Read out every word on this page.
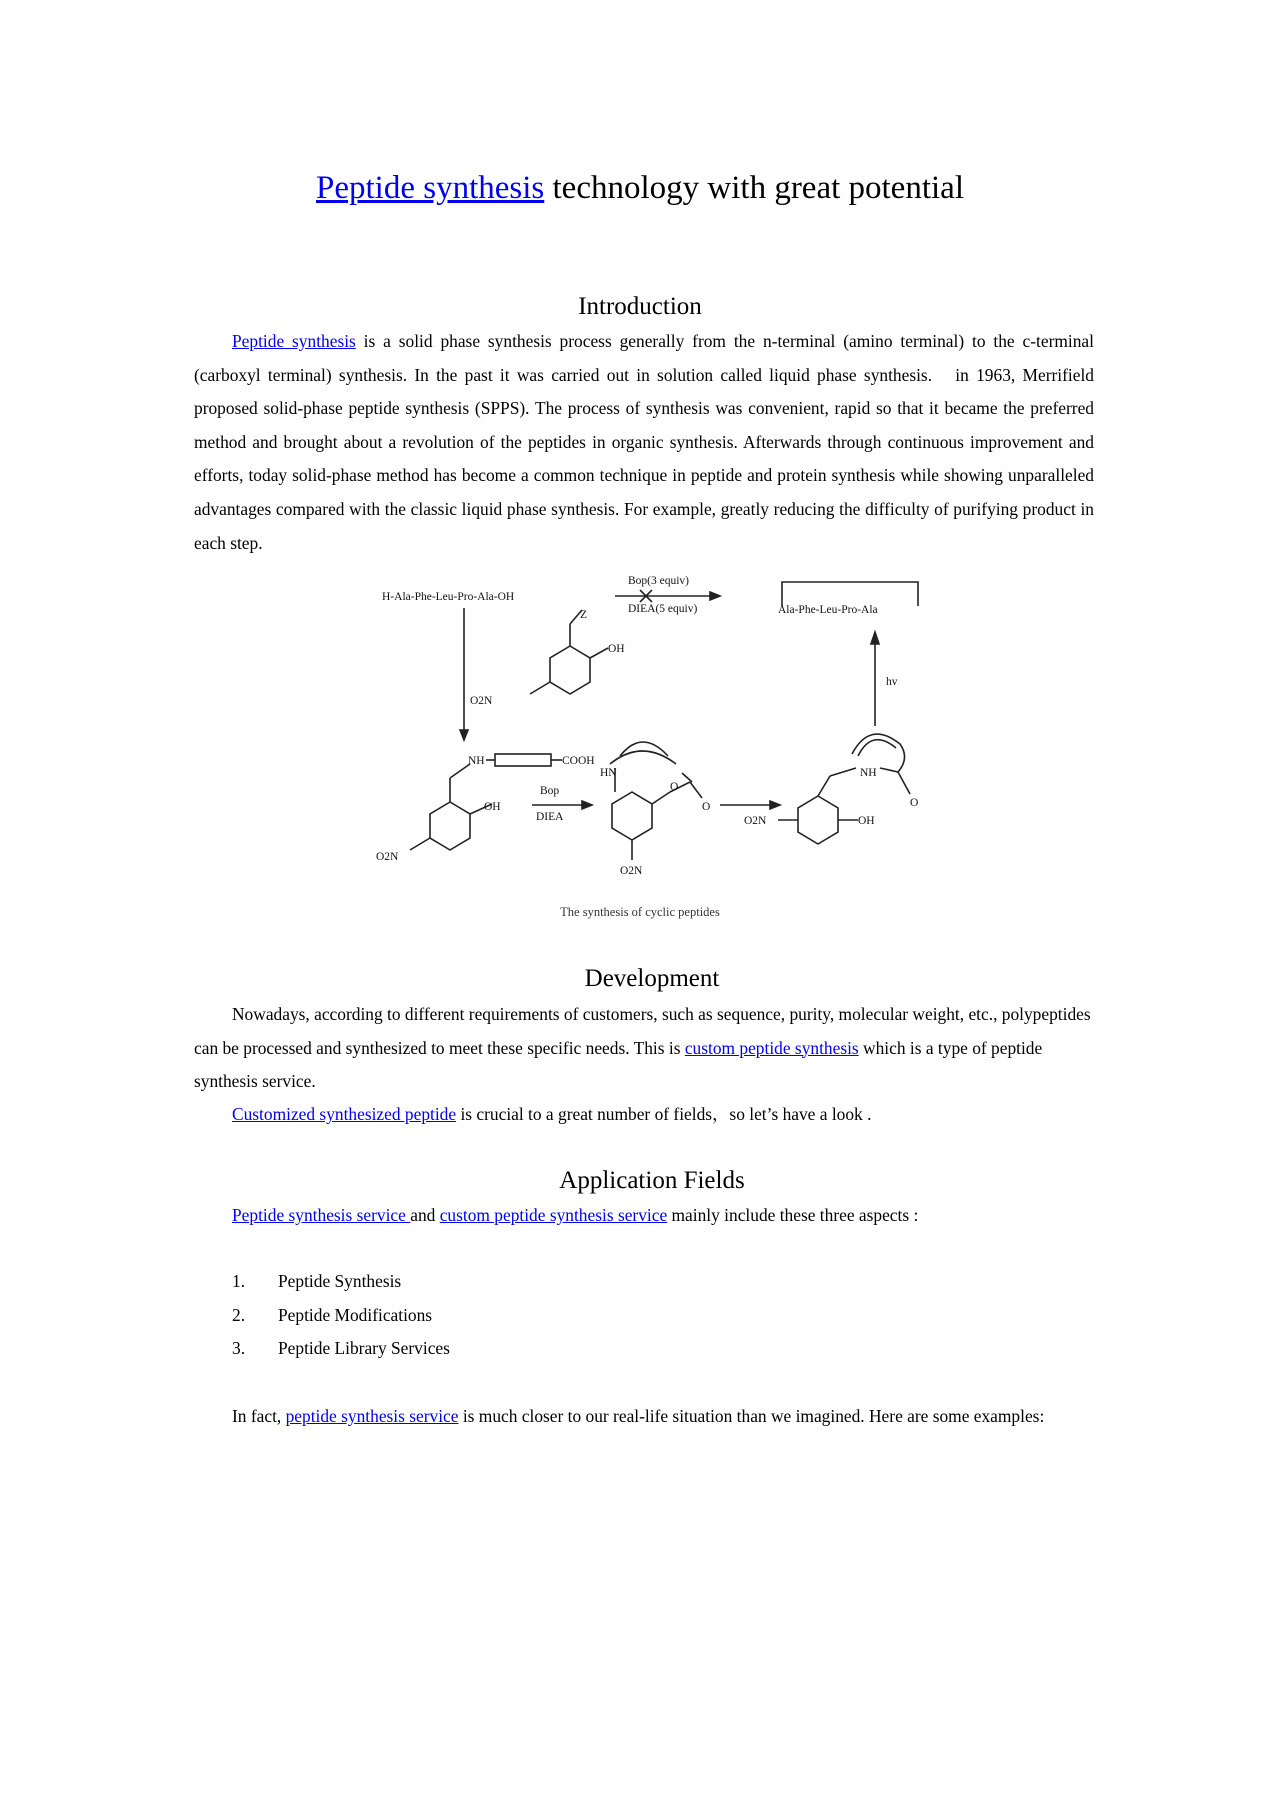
Peptide synthesis technology with great potential
Introduction
Peptide synthesis is a solid phase synthesis process generally from the n-terminal (amino terminal) to the c-terminal (carboxyl terminal) synthesis. In the past it was carried out in solution called liquid phase synthesis.　in 1963, Merrifield proposed solid-phase peptide synthesis (SPPS). The process of synthesis was convenient, rapid so that it became the preferred method and brought about a revolution of the peptides in organic synthesis. Afterwards through continuous improvement and efforts, today solid-phase method has become a common technique in peptide and protein synthesis while showing unparalleled advantages compared with the classic liquid phase synthesis. For example, greatly reducing the difficulty of purifying product in each step.
H-Ala-Phe-Leu-Pro-Ala-OH
Bop(3 equiv)
DIEA(5 equiv)	Ala-Phe-Leu-Pro-Ala
Z
OH
O2N
hv
NH	COOH
OH
O2N
Bop
DIEA
HN
O
O
O2N
NH
O
O2N	OH
The synthesis of cyclic peptides
Development
Nowadays, according to different requirements of customers, such as sequence, purity, molecular weight, etc., polypeptides can be processed and synthesized to meet these specific needs. This is custom peptide synthesis which is a type of peptide synthesis service.
Customized synthesized peptide is crucial to a great number of fields，so let’s have a look .
Application Fields
Peptide synthesis service and custom peptide synthesis service mainly include these three aspects :
1. Peptide Synthesis
2. Peptide Modifications
3. Peptide Library Services
In fact, peptide synthesis service is much closer to our real-life situation than we imagined. Here are some examples:
